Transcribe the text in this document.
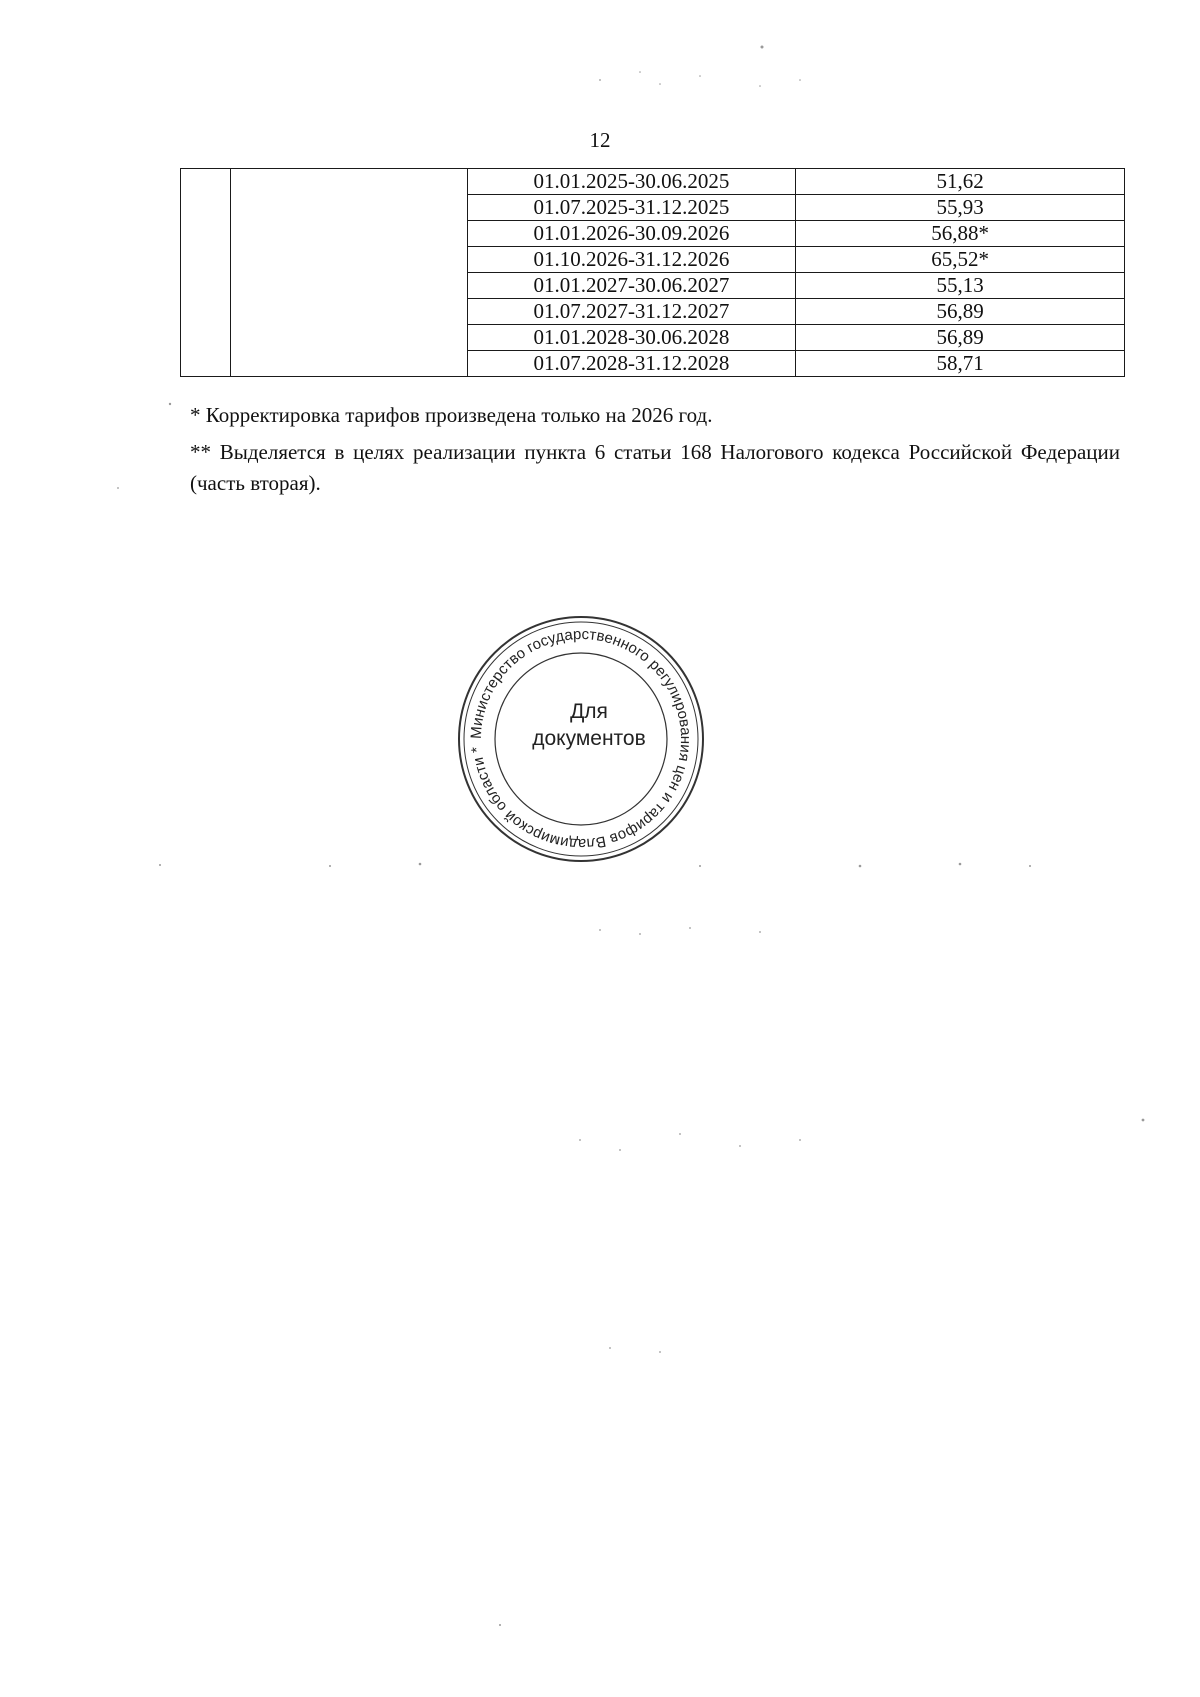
12
		01.01.2025-30.06.2025	51,62
		01.07.2025-31.12.2025	55,93
		01.01.2026-30.09.2026	56,88*
		01.10.2026-31.12.2026	65,52*
		01.01.2027-30.06.2027	55,13
		01.07.2027-31.12.2027	56,89
		01.01.2028-30.06.2028	56,89
		01.07.2028-31.12.2028	58,71

* Корректировка тарифов произведена только на 2026 год.

** Выделяется в целях реализации пункта 6 статьи 168 Налогового кодекса Российской Федерации (часть вторая).

Министерство государственного регулирования цен и тарифов Владимирской области *
Для
документов
